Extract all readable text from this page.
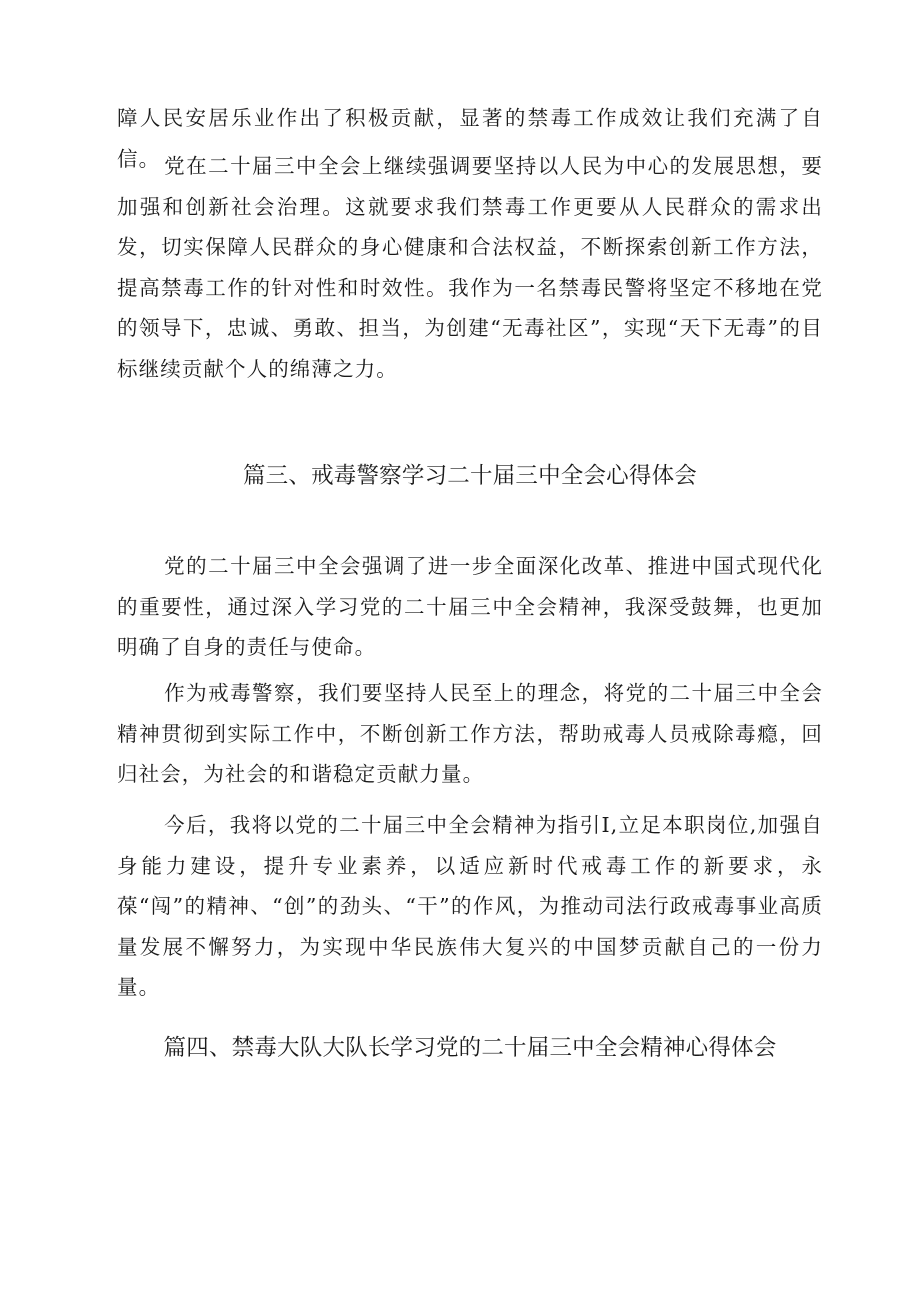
障人民安居乐业作出了积极贡献，显著的禁毒工作成效让我们充满了自信。 党在二十届三中全会上继续强调要坚持以人民为中心的发展思想，要加强和创新社会治理。这就要求我们禁毒工作更要从人民群众的需求出发，切实保障人民群众的身心健康和合法权益，不断探索创新工作方法，提高禁毒工作的针对性和时效性。我作为一名禁毒民警将坚定不移地在党的领导下，忠诚、勇敢、担当，为创建“无毒社区”，实现“天下无毒”的目标继续贡献个人的绵薄之力。

篇三、戒毒警察学习二十届三中全会心得体会

党的二十届三中全会强调了进一步全面深化改革、推进中国式现代化的重要性，通过深入学习党的二十届三中全会精神，我深受鼓舞，也更加明确了自身的责任与使命。

作为戒毒警察，我们要坚持人民至上的理念，将党的二十届三中全会精神贯彻到实际工作中，不断创新工作方法，帮助戒毒人员戒除毒瘾，回归社会，为社会的和谐稳定贡献力量。

今后，我将以党的二十届三中全会精神为指引I,立足本职岗位,加强自身能力建设，提升专业素养，以适应新时代戒毒工作的新要求，永葆“闯”的精神、“创”的劲头、“干”的作风，为推动司法行政戒毒事业高质量发展不懈努力，为实现中华民族伟大复兴的中国梦贡献自己的一份力量。

篇四、禁毒大队大队长学习党的二十届三中全会精神心得体会
